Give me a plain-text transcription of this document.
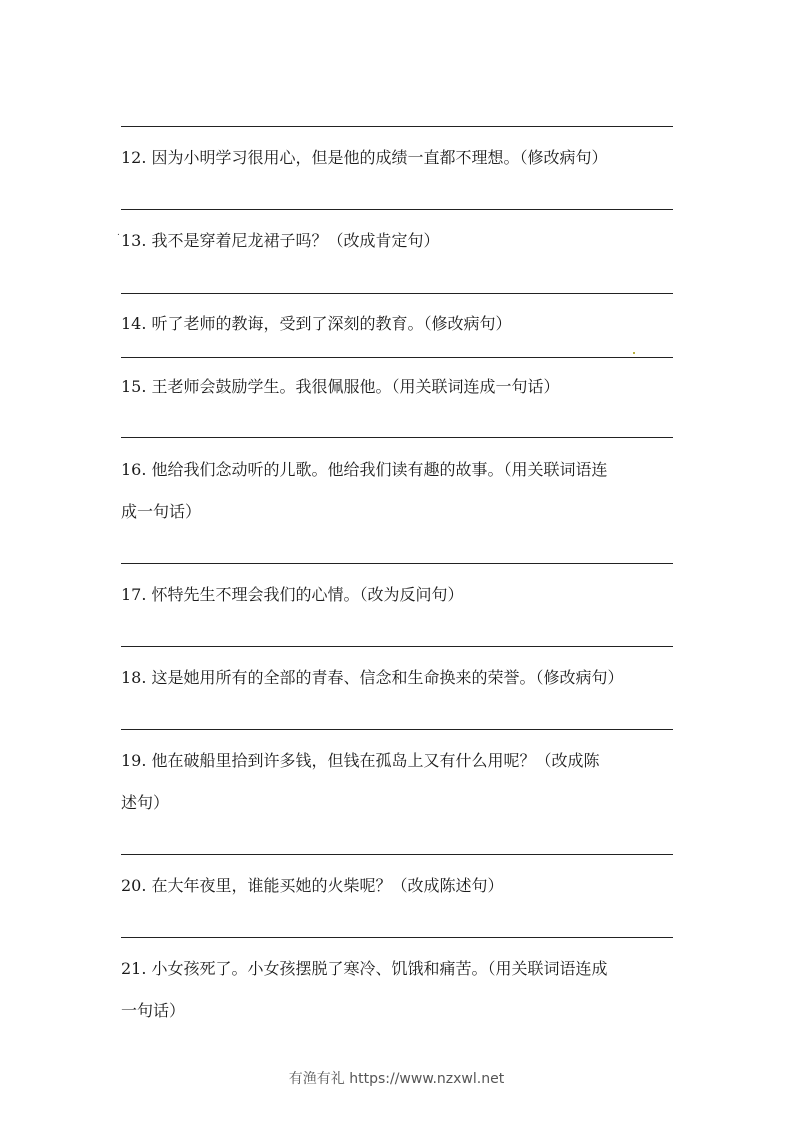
.
12. 因为小明学习很用心，但是他的成绩一直都不理想。（修改病句）
13. 我不是穿着尼龙裙子吗？（改成肯定句）
14. 听了老师的教诲，受到了深刻的教育。（修改病句）
15. 王老师会鼓励学生。我很佩服他。（用关联词连成一句话）
16. 他给我们念动听的儿歌。他给我们读有趣的故事。（用关联词语连
成一句话）
17. 怀特先生不理会我们的心情。（改为反问句）
18. 这是她用所有的全部的青春、信念和生命换来的荣誉。（修改病句）
19. 他在破船里拾到许多钱，但钱在孤岛上又有什么用呢？（改成陈
述句）
20. 在大年夜里，谁能买她的火柴呢？（改成陈述句）
21. 小女孩死了。小女孩摆脱了寒冷、饥饿和痛苦。（用关联词语连成
一句话）
有渔有礼 https://www.nzxwl.net
